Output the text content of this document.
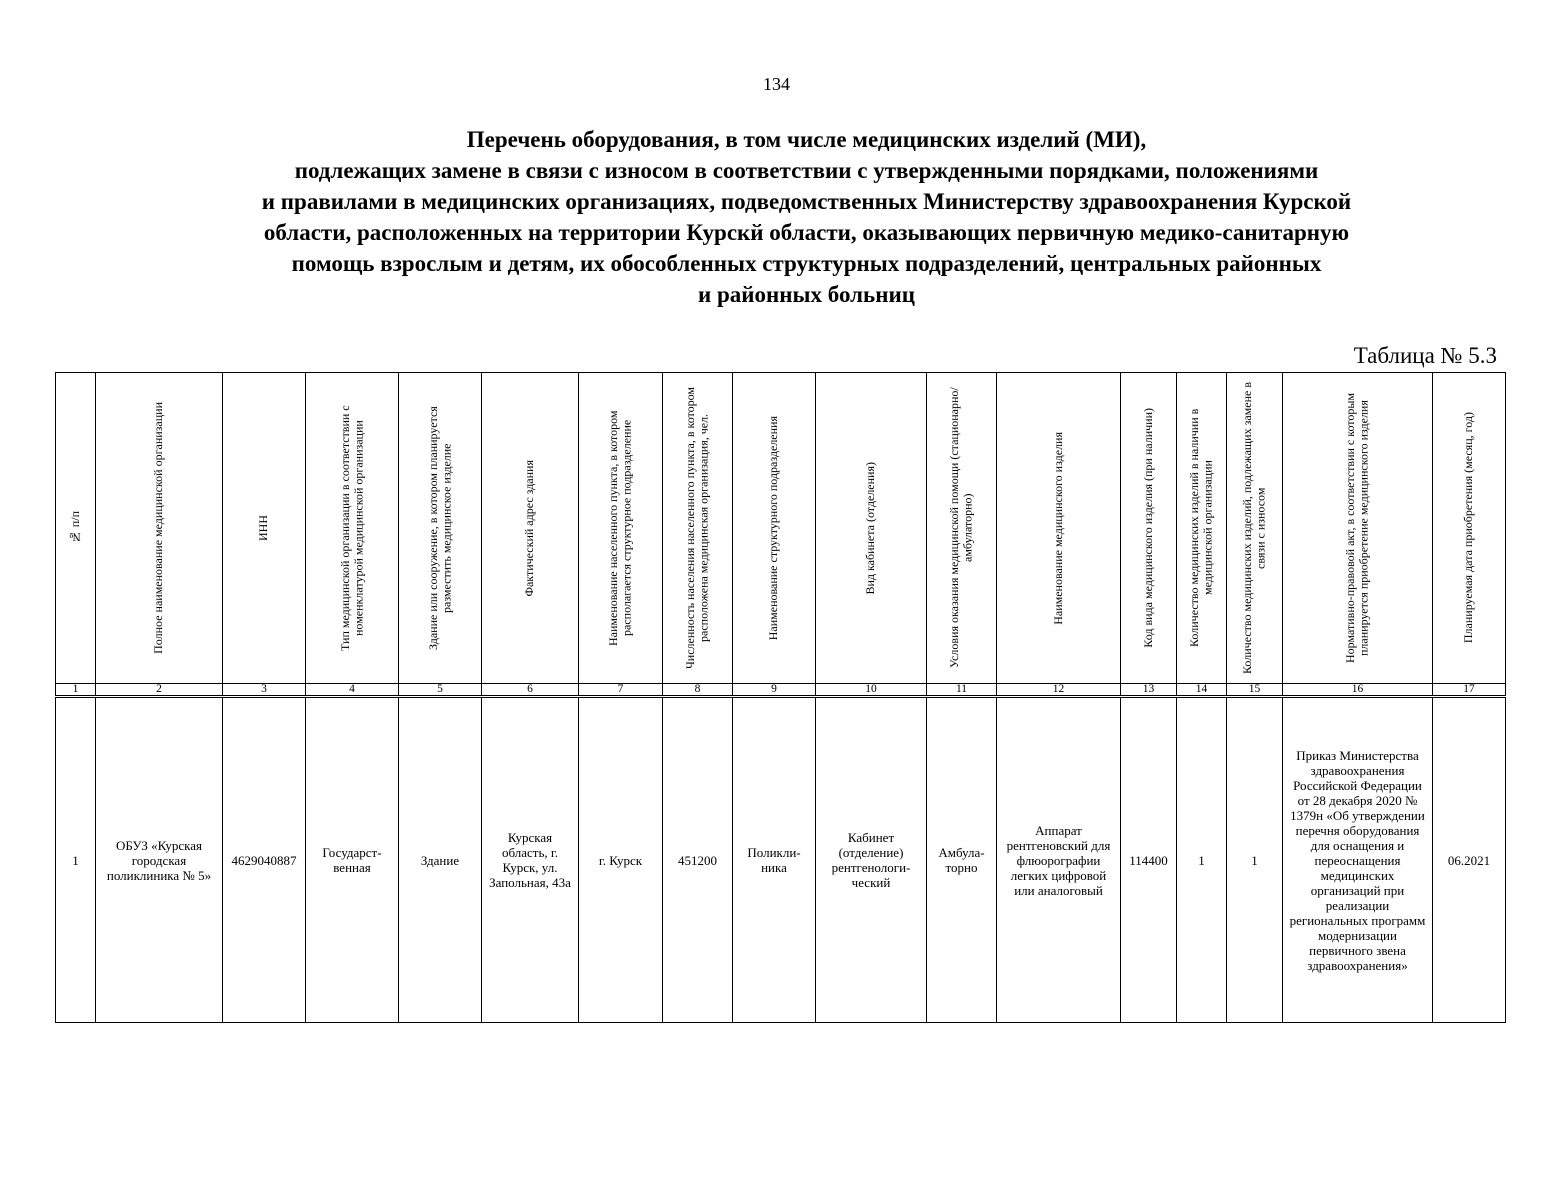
134
Перечень оборудования, в том числе медицинских изделий (МИ),
подлежащих замене в связи с износом в соответствии с утвержденными порядками, положениями
и правилами в медицинских организациях, подведомственных Министерству здравоохранения Курской
области, расположенных на территории Курскй области, оказывающих первичную медико-санитарную
помощь взрослым и детям, их обособленных структурных подразделений, центральных районных
и районных больниц
Таблица № 5.3
№ п/п	Полное наименование медицинской организации	ИНН	Тип медицинской организации в соответствии с номенклатурой медицинской организации	Здание или сооружение, в котором планируется разместить медицинское изделие	Фактический адрес здания	Наименование населенного пункта, в котором располагается структурное подразделение	Численность населения населенного пункта, в котором расположена медицинская организация, чел.	Наименование структурного подразделения	Вид кабинета (отделения)	Условия оказания медицинской помощи (стационарно/амбулаторно)	Наименование медицинского изделия	Код вида медицинского изделия (при наличии)	Количество медицинских изделий в наличии в медицинской организации	Количество медицинских изделий, подлежащих замене в связи с износом	Нормативно-правовой акт, в соответствии с которым планируется приобретение медицинского изделия	Планируемая дата приобретения (месяц, год)

1	2	3	4	5	6	7	8	9	10	11	12	13	14	15	16	17
1	ОБУЗ «Курская городская поликлиника № 5»	4629040887	Государст- венная	Здание	Курская область, г. Курск, ул. Запольная, 43а	г. Курск	451200	Поликли- ника	Кабинет (отделение) рентгенологи- ческий	Амбула- торно	Аппарат рентгеновский для флюорографии легких цифровой или аналоговый	114400	1	1	Приказ Министерства здравоохранения Российской Федерации от 28 декабря 2020 № 1379н «Об утверждении перечня оборудования для оснащения и переоснащения медицинских организаций при реализации региональных программ модернизации первичного звена здравоохранения»	06.2021
